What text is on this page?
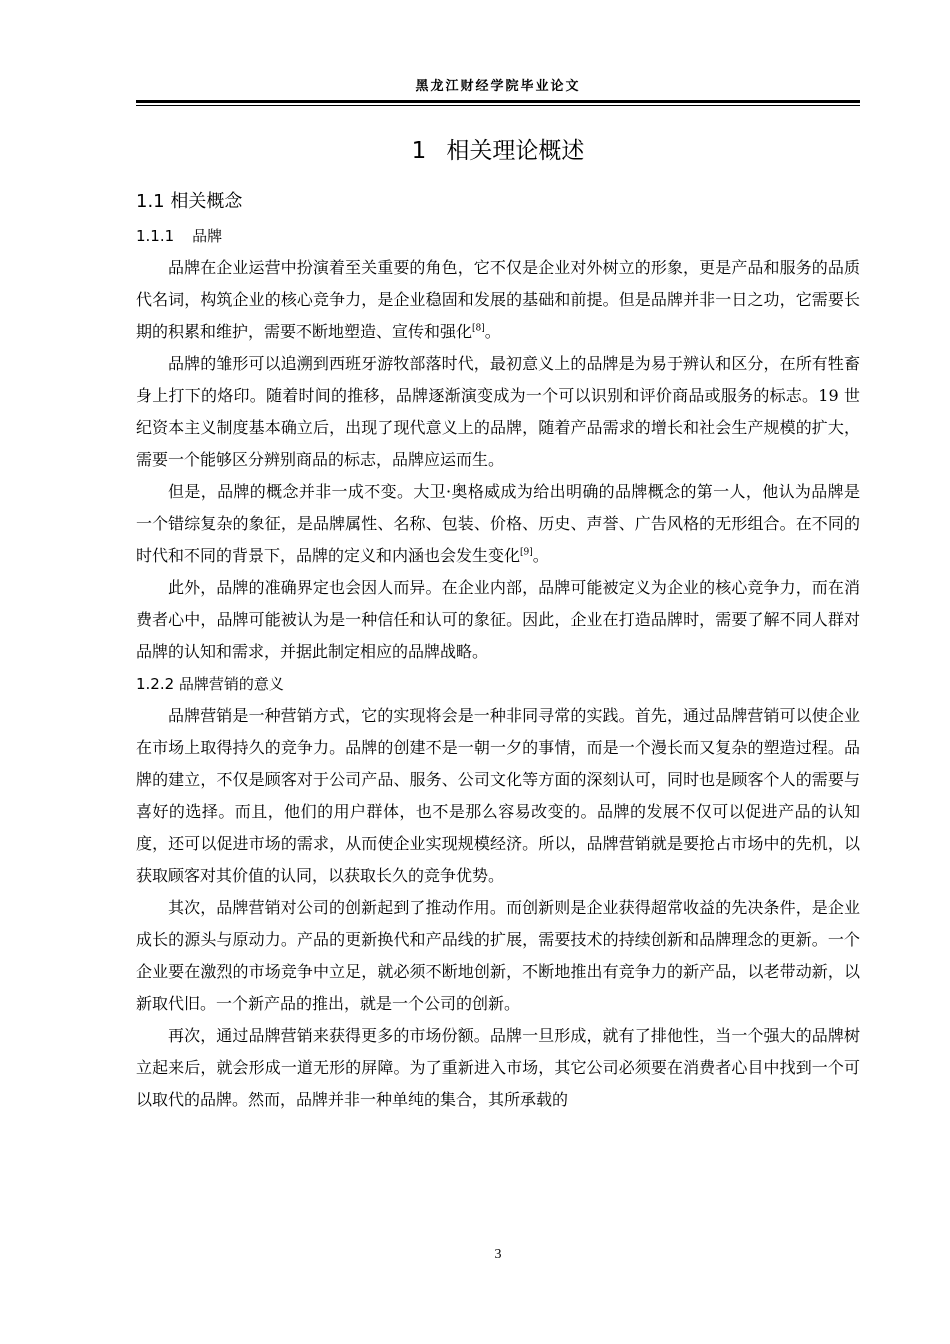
黑龙江财经学院毕业论文
1 相关理论概述

1.1 相关概念

1.1.1 品牌

品牌在企业运营中扮演着至关重要的角色，它不仅是企业对外树立的形象，更是产品和服务的品质代名词，构筑企业的核心竞争力，是企业稳固和发展的基础和前提。但是品牌并非一日之功，它需要长期的积累和维护，需要不断地塑造、宣传和强化[8]。

品牌的雏形可以追溯到西班牙游牧部落时代，最初意义上的品牌是为易于辨认和区分，在所有牲畜身上打下的烙印。随着时间的推移，品牌逐渐演变成为一个可以识别和评价商品或服务的标志。19 世纪资本主义制度基本确立后，出现了现代意义上的品牌，随着产品需求的增长和社会生产规模的扩大，需要一个能够区分辨别商品的标志，品牌应运而生。

但是，品牌的概念并非一成不变。大卫·奥格威成为给出明确的品牌概念的第一人，他认为品牌是一个错综复杂的象征，是品牌属性、名称、包装、价格、历史、声誉、广告风格的无形组合。在不同的时代和不同的背景下，品牌的定义和内涵也会发生变化[9]。

此外，品牌的准确界定也会因人而异。在企业内部，品牌可能被定义为企业的核心竞争力，而在消费者心中，品牌可能被认为是一种信任和认可的象征。因此，企业在打造品牌时，需要了解不同人群对品牌的认知和需求，并据此制定相应的品牌战略。

1.2.2 品牌营销的意义

品牌营销是一种营销方式，它的实现将会是一种非同寻常的实践。首先，通过品牌营销可以使企业在市场上取得持久的竞争力。品牌的创建不是一朝一夕的事情，而是一个漫长而又复杂的塑造过程。品牌的建立，不仅是顾客对于公司产品、服务、公司文化等方面的深刻认可，同时也是顾客个人的需要与喜好的选择。而且，他们的用户群体，也不是那么容易改变的。品牌的发展不仅可以促进产品的认知度，还可以促进市场的需求，从而使企业实现规模经济。所以，品牌营销就是要抢占市场中的先机，以获取顾客对其价值的认同，以获取长久的竞争优势。

其次，品牌营销对公司的创新起到了推动作用。而创新则是企业获得超常收益的先决条件，是企业成长的源头与原动力。产品的更新换代和产品线的扩展，需要技术的持续创新和品牌理念的更新。一个企业要在激烈的市场竞争中立足，就必须不断地创新，不断地推出有竞争力的新产品，以老带动新，以新取代旧。一个新产品的推出，就是一个公司的创新。

再次，通过品牌营销来获得更多的市场份额。品牌一旦形成，就有了排他性，当一个强大的品牌树立起来后，就会形成一道无形的屏障。为了重新进入市场，其它公司必须要在消费者心目中找到一个可以取代的品牌。然而，品牌并非一种单纯的集合，其所承载的

3
